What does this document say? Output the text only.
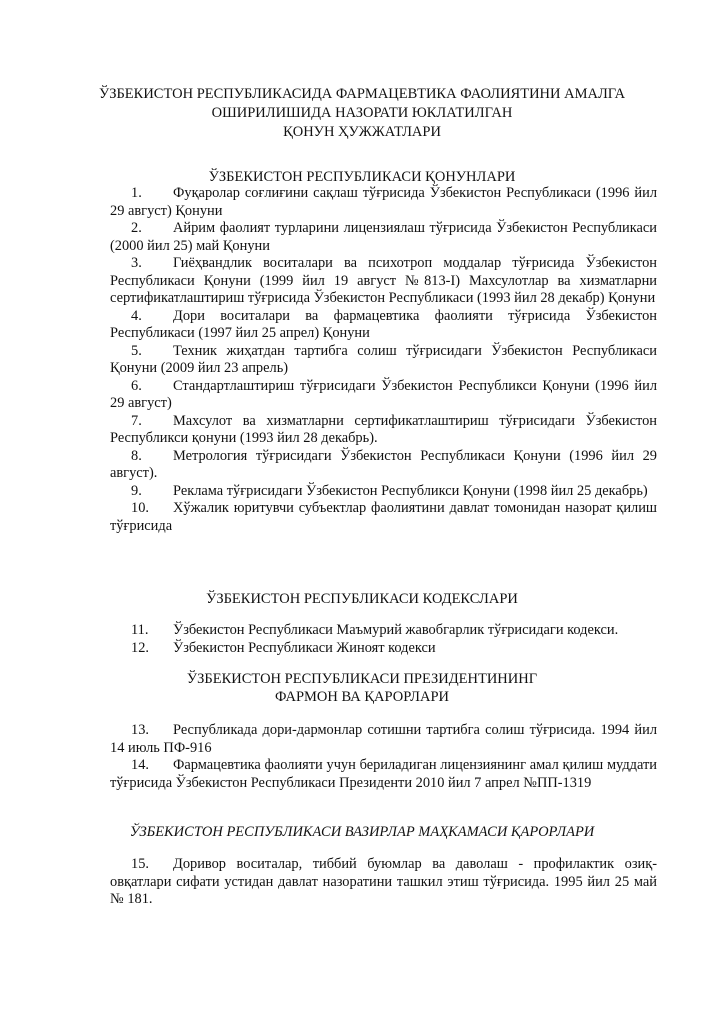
ЎЗБЕКИСТОН РЕСПУБЛИКАСИДА ФАРМАЦЕВТИКА ФАОЛИЯТИНИ АМАЛГА
ОШИРИЛИШИДА НАЗОРАТИ ЮКЛАТИЛГАН
ҚОНУН ҲУЖЖАТЛАРИ
ЎЗБЕКИСТОН РЕСПУБЛИКАСИ ҚОНУНЛАРИ
1. Фуқаролар соғлиғини сақлаш тўғрисида Ўзбекистон Республикаси (1996 йил 29 август) Қонуни
2. Айрим фаолият турларини лицензиялаш тўғрисида Ўзбекистон Республикаси (2000 йил 25) май Қонуни
3. Гиёҳвандлик воситалари ва психотроп моддалар тўғрисида Ўзбекистон Республикаси Қонуни (1999 йил 19 август №813-I) Махсулотлар ва хизматларни сертификатлаштириш тўғрисида Ўзбекистон Республикаси (1993 йил 28 декабр) Қонуни
4. Дори воситалари ва фармацевтика фаолияти тўғрисида Ўзбекистон Республикаси (1997 йил 25 апрел) Қонуни
5. Техник жиҳатдан тартибга солиш тўғрисидаги Ўзбекистон Республикаси Қонуни (2009 йил 23 апрель)
6. Стандартлаштириш тўғрисидаги Ўзбекистон Республикси Қонуни (1996 йил 29 август)
7. Махсулот ва хизматларни сертификатлаштириш тўғрисидаги Ўзбекистон Республикси қонуни (1993 йил 28 декабрь).
8. Метрология тўғрисидаги Ўзбекистон Республикаси Қонуни (1996 йил 29 август).
9. Реклама тўғрисидаги Ўзбекистон Республикси Қонуни (1998 йил 25 декабрь)
10. Хўжалик юритувчи субъектлар фаолиятини давлат томонидан назорат қилиш тўғрисида
ЎЗБЕКИСТОН РЕСПУБЛИКАСИ КОДЕКСЛАРИ
11. Ўзбекистон Республикаси Маъмурий жавобгарлик тўғрисидаги кодекси.
12. Ўзбекистон Республикаси Жиноят кодекси
ЎЗБЕКИСТОН РЕСПУБЛИКАСИ ПРЕЗИДЕНТИНИНГ
ФАРМОН ВА ҚАРОРЛАРИ
13. Республикада дори-дармонлар сотишни тартибга солиш тўғрисида. 1994 йил 14 июль ПФ-916
14. Фармацевтика фаолияти учун бериладиган лицензиянинг амал қилиш муддати тўғрисида Ўзбекистон Республикаси Президенти 2010 йил 7 апрел №ПП-1319
ЎЗБЕКИСТОН РЕСПУБЛИКАСИ ВАЗИРЛАР МАҲКАМАСИ ҚАРОРЛАРИ
15. Доривор воситалар, тиббий буюмлар ва даволаш - профилактик озиқ-овқатлари сифати устидан давлат назоратини ташкил этиш тўғрисида. 1995 йил 25 май № 181.
